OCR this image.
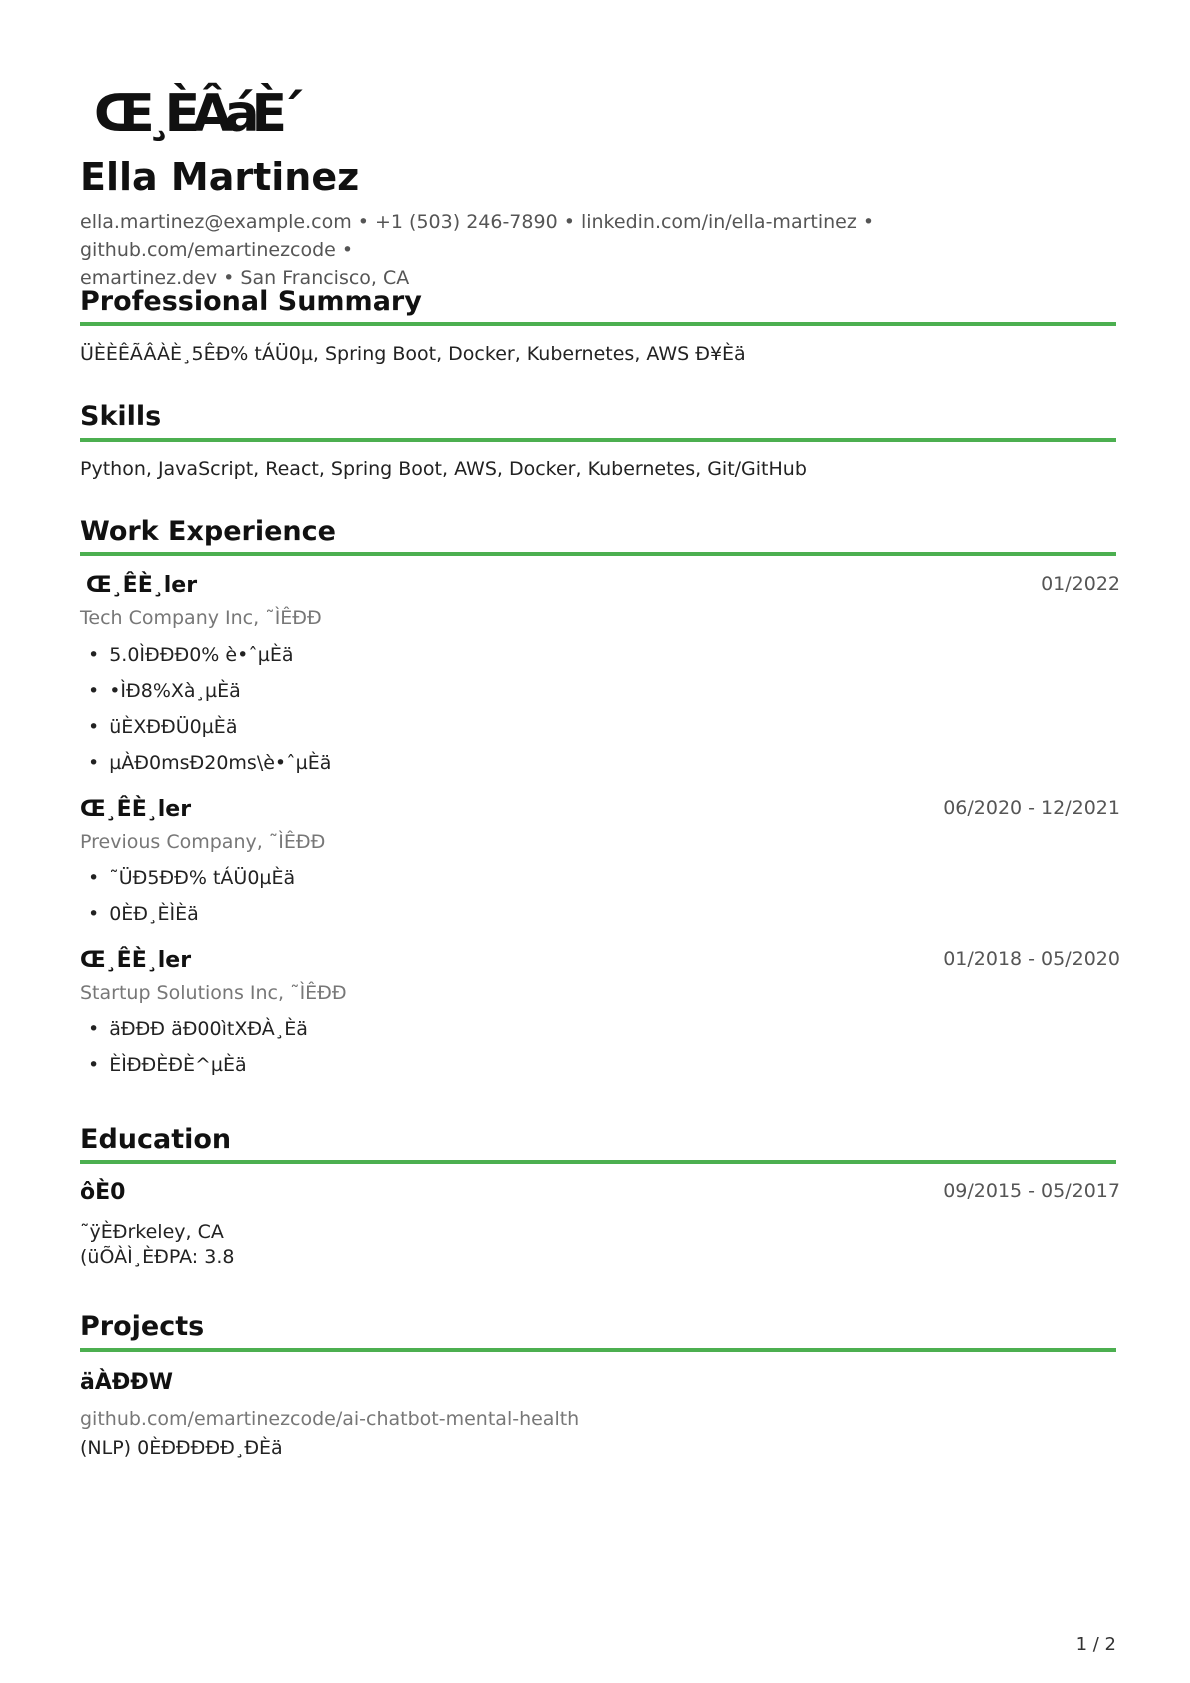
Œ¸ÈÂáÈ´
Ella Martinez
ella.martinez@example.com • +1 (503) 246-7890 • linkedin.com/in/ella-martinez • github.com/emartinezcode •
emartinez.dev • San Francisco, CA
Professional Summary
ÜÈÈÊÃÂÀÈ¸5ÊÐ% tÁÜ0µ, Spring Boot, Docker, Kubernetes, AWS Ð¥Èä
Skills
Python, JavaScript, React, Spring Boot, AWS, Docker, Kubernetes, Git/GitHub
Work Experience
Œ¸ÊÈ¸ler	01/2022
Tech Company Inc, ˜ÌÊÐÐ
• 5.0ÌÐÐÐ0% è•ˆµÈä
• •ÌÐ8%Xà¸µÈä
• üÈXÐÐÜ0µÈä
• µÀÐ0msÐ20ms\è•ˆµÈä
Œ¸ÊÈ¸ler	06/2020 - 12/2021
Previous Company, ˜ÌÊÐÐ
• ˜ÜÐ5ÐÐ% tÁÜ0µÈä
• 0ÈÐ¸ÈÌÈä
Œ¸ÊÈ¸ler	01/2018 - 05/2020
Startup Solutions Inc, ˜ÌÊÐÐ
• äÐÐÐ äÐ00ìtXÐÀ¸Èä
• ÈÌÐÐÈÐÈ^µÈä
Education
ôÈ0	09/2015 - 05/2017
˜ÿÈÐrkeley, CA
(üÕÀÌ¸ÈÐPA: 3.8
Projects
äÀÐÐW
github.com/emartinezcode/ai-chatbot-mental-health
(NLP) 0ÈÐÐÐÐÐ¸ÐÈä
1 / 2
